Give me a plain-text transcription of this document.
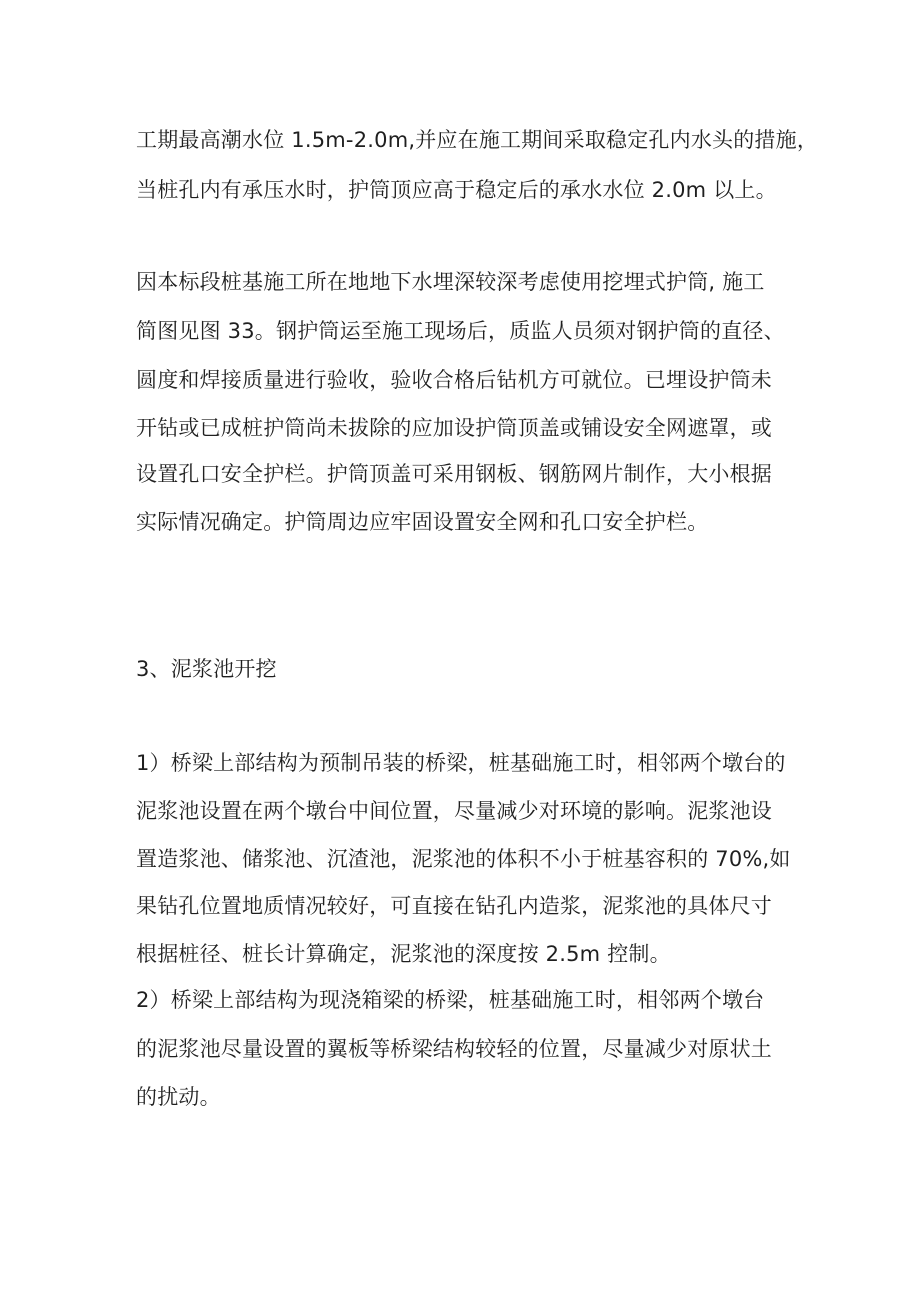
工期最高潮水位 1.5m-2.0m,并应在施工期间采取稳定孔内水头的措施，
当桩孔内有承压水时，护筒顶应高于稳定后的承水水位 2.0m 以上。
因本标段桩基施工所在地地下水埋深较深考虑使用挖埋式护筒, 施工
简图见图 33。钢护筒运至施工现场后，质监人员须对钢护筒的直径、
圆度和焊接质量进行验收，验收合格后钻机方可就位。已埋设护筒未
开钻或已成桩护筒尚未拔除的应加设护筒顶盖或铺设安全网遮罩，或
设置孔口安全护栏。护筒顶盖可采用钢板、钢筋网片制作，大小根据
实际情况确定。护筒周边应牢固设置安全网和孔口安全护栏。
3、泥浆池开挖
1）桥梁上部结构为预制吊装的桥梁，桩基础施工时，相邻两个墩台的
泥浆池设置在两个墩台中间位置，尽量减少对环境的影响。泥浆池设
置造浆池、储浆池、沉渣池，泥浆池的体积不小于桩基容积的 70%,如
果钻孔位置地质情况较好，可直接在钻孔内造浆，泥浆池的具体尺寸
根据桩径、桩长计算确定，泥浆池的深度按 2.5m 控制。
2）桥梁上部结构为现浇箱梁的桥梁，桩基础施工时，相邻两个墩台
的泥浆池尽量设置的翼板等桥梁结构较轻的位置，尽量减少对原状土
的扰动。
